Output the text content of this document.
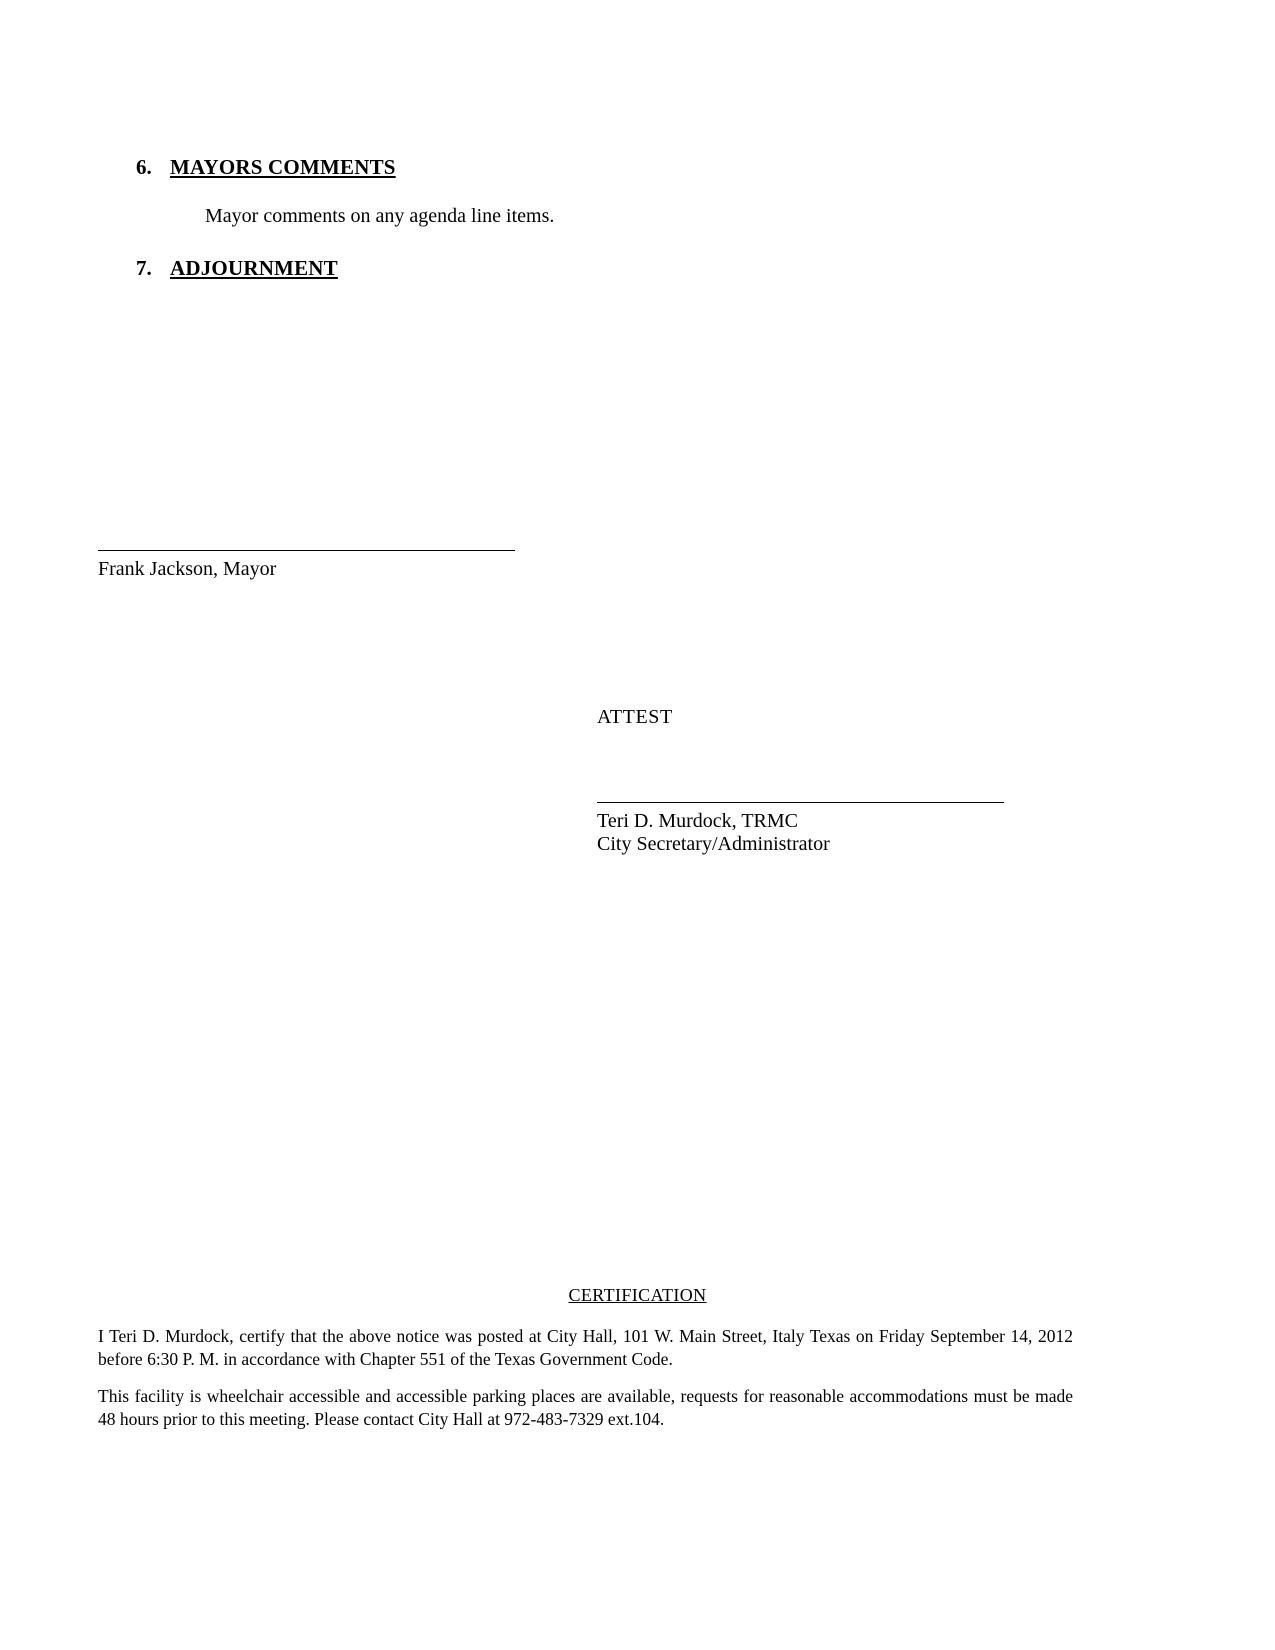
6. MAYORS COMMENTS
Mayor comments on any agenda line items.
7. ADJOURNMENT
Frank Jackson, Mayor
ATTEST
Teri D. Murdock, TRMC
City Secretary/Administrator
CERTIFICATION
I Teri D. Murdock, certify that the above notice was posted at City Hall, 101 W. Main Street, Italy Texas on Friday September 14, 2012 before 6:30 P. M. in accordance with Chapter 551 of the Texas Government Code.
This facility is wheelchair accessible and accessible parking places are available, requests for reasonable accommodations must be made 48 hours prior to this meeting. Please contact City Hall at 972-483-7329 ext.104.
